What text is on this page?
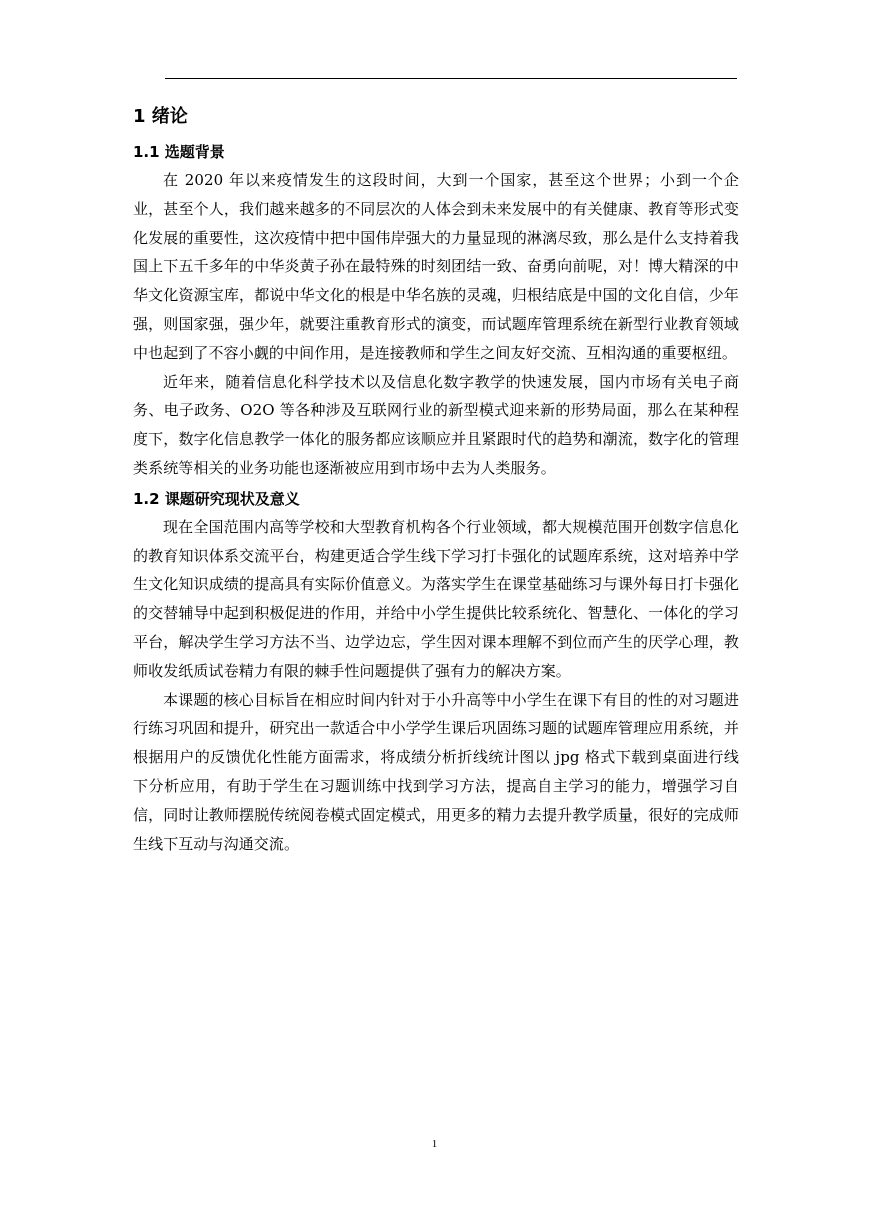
1 绪论
1.1 选题背景

在 2020 年以来疫情发生的这段时间，大到一个国家，甚至这个世界；小到一个企业，甚至个人，我们越来越多的不同层次的人体会到未来发展中的有关健康、教育等形式变化发展的重要性，这次疫情中把中国伟岸强大的力量显现的淋漓尽致，那么是什么支持着我国上下五千多年的中华炎黄子孙在最特殊的时刻团结一致、奋勇向前呢，对！博大精深的中华文化资源宝库，都说中华文化的根是中华名族的灵魂，归根结底是中国的文化自信，少年强，则国家强，强少年，就要注重教育形式的演变，而试题库管理系统在新型行业教育领域中也起到了不容小觑的中间作用，是连接教师和学生之间友好交流、互相沟通的重要枢纽。

近年来，随着信息化科学技术以及信息化数字教学的快速发展，国内市场有关电子商务、电子政务、O2O 等各种涉及互联网行业的新型模式迎来新的形势局面，那么在某种程度下，数字化信息教学一体化的服务都应该顺应并且紧跟时代的趋势和潮流，数字化的管理类系统等相关的业务功能也逐渐被应用到市场中去为人类服务。

1.2 课题研究现状及意义

现在全国范围内高等学校和大型教育机构各个行业领域，都大规模范围开创数字信息化的教育知识体系交流平台，构建更适合学生线下学习打卡强化的试题库系统，这对培养中学生文化知识成绩的提高具有实际价值意义。为落实学生在课堂基础练习与课外每日打卡强化的交替辅导中起到积极促进的作用，并给中小学生提供比较系统化、智慧化、一体化的学习平台，解决学生学习方法不当、边学边忘，学生因对课本理解不到位而产生的厌学心理，教师收发纸质试卷精力有限的棘手性问题提供了强有力的解决方案。

本课题的核心目标旨在相应时间内针对于小升高等中小学生在课下有目的性的对习题进行练习巩固和提升，研究出一款适合中小学学生课后巩固练习题的试题库管理应用系统，并根据用户的反馈优化性能方面需求，将成绩分析折线统计图以 jpg 格式下载到桌面进行线下分析应用，有助于学生在习题训练中找到学习方法，提高自主学习的能力，增强学习自信，同时让教师摆脱传统阅卷模式固定模式，用更多的精力去提升教学质量，很好的完成师生线下互动与沟通交流。

1
